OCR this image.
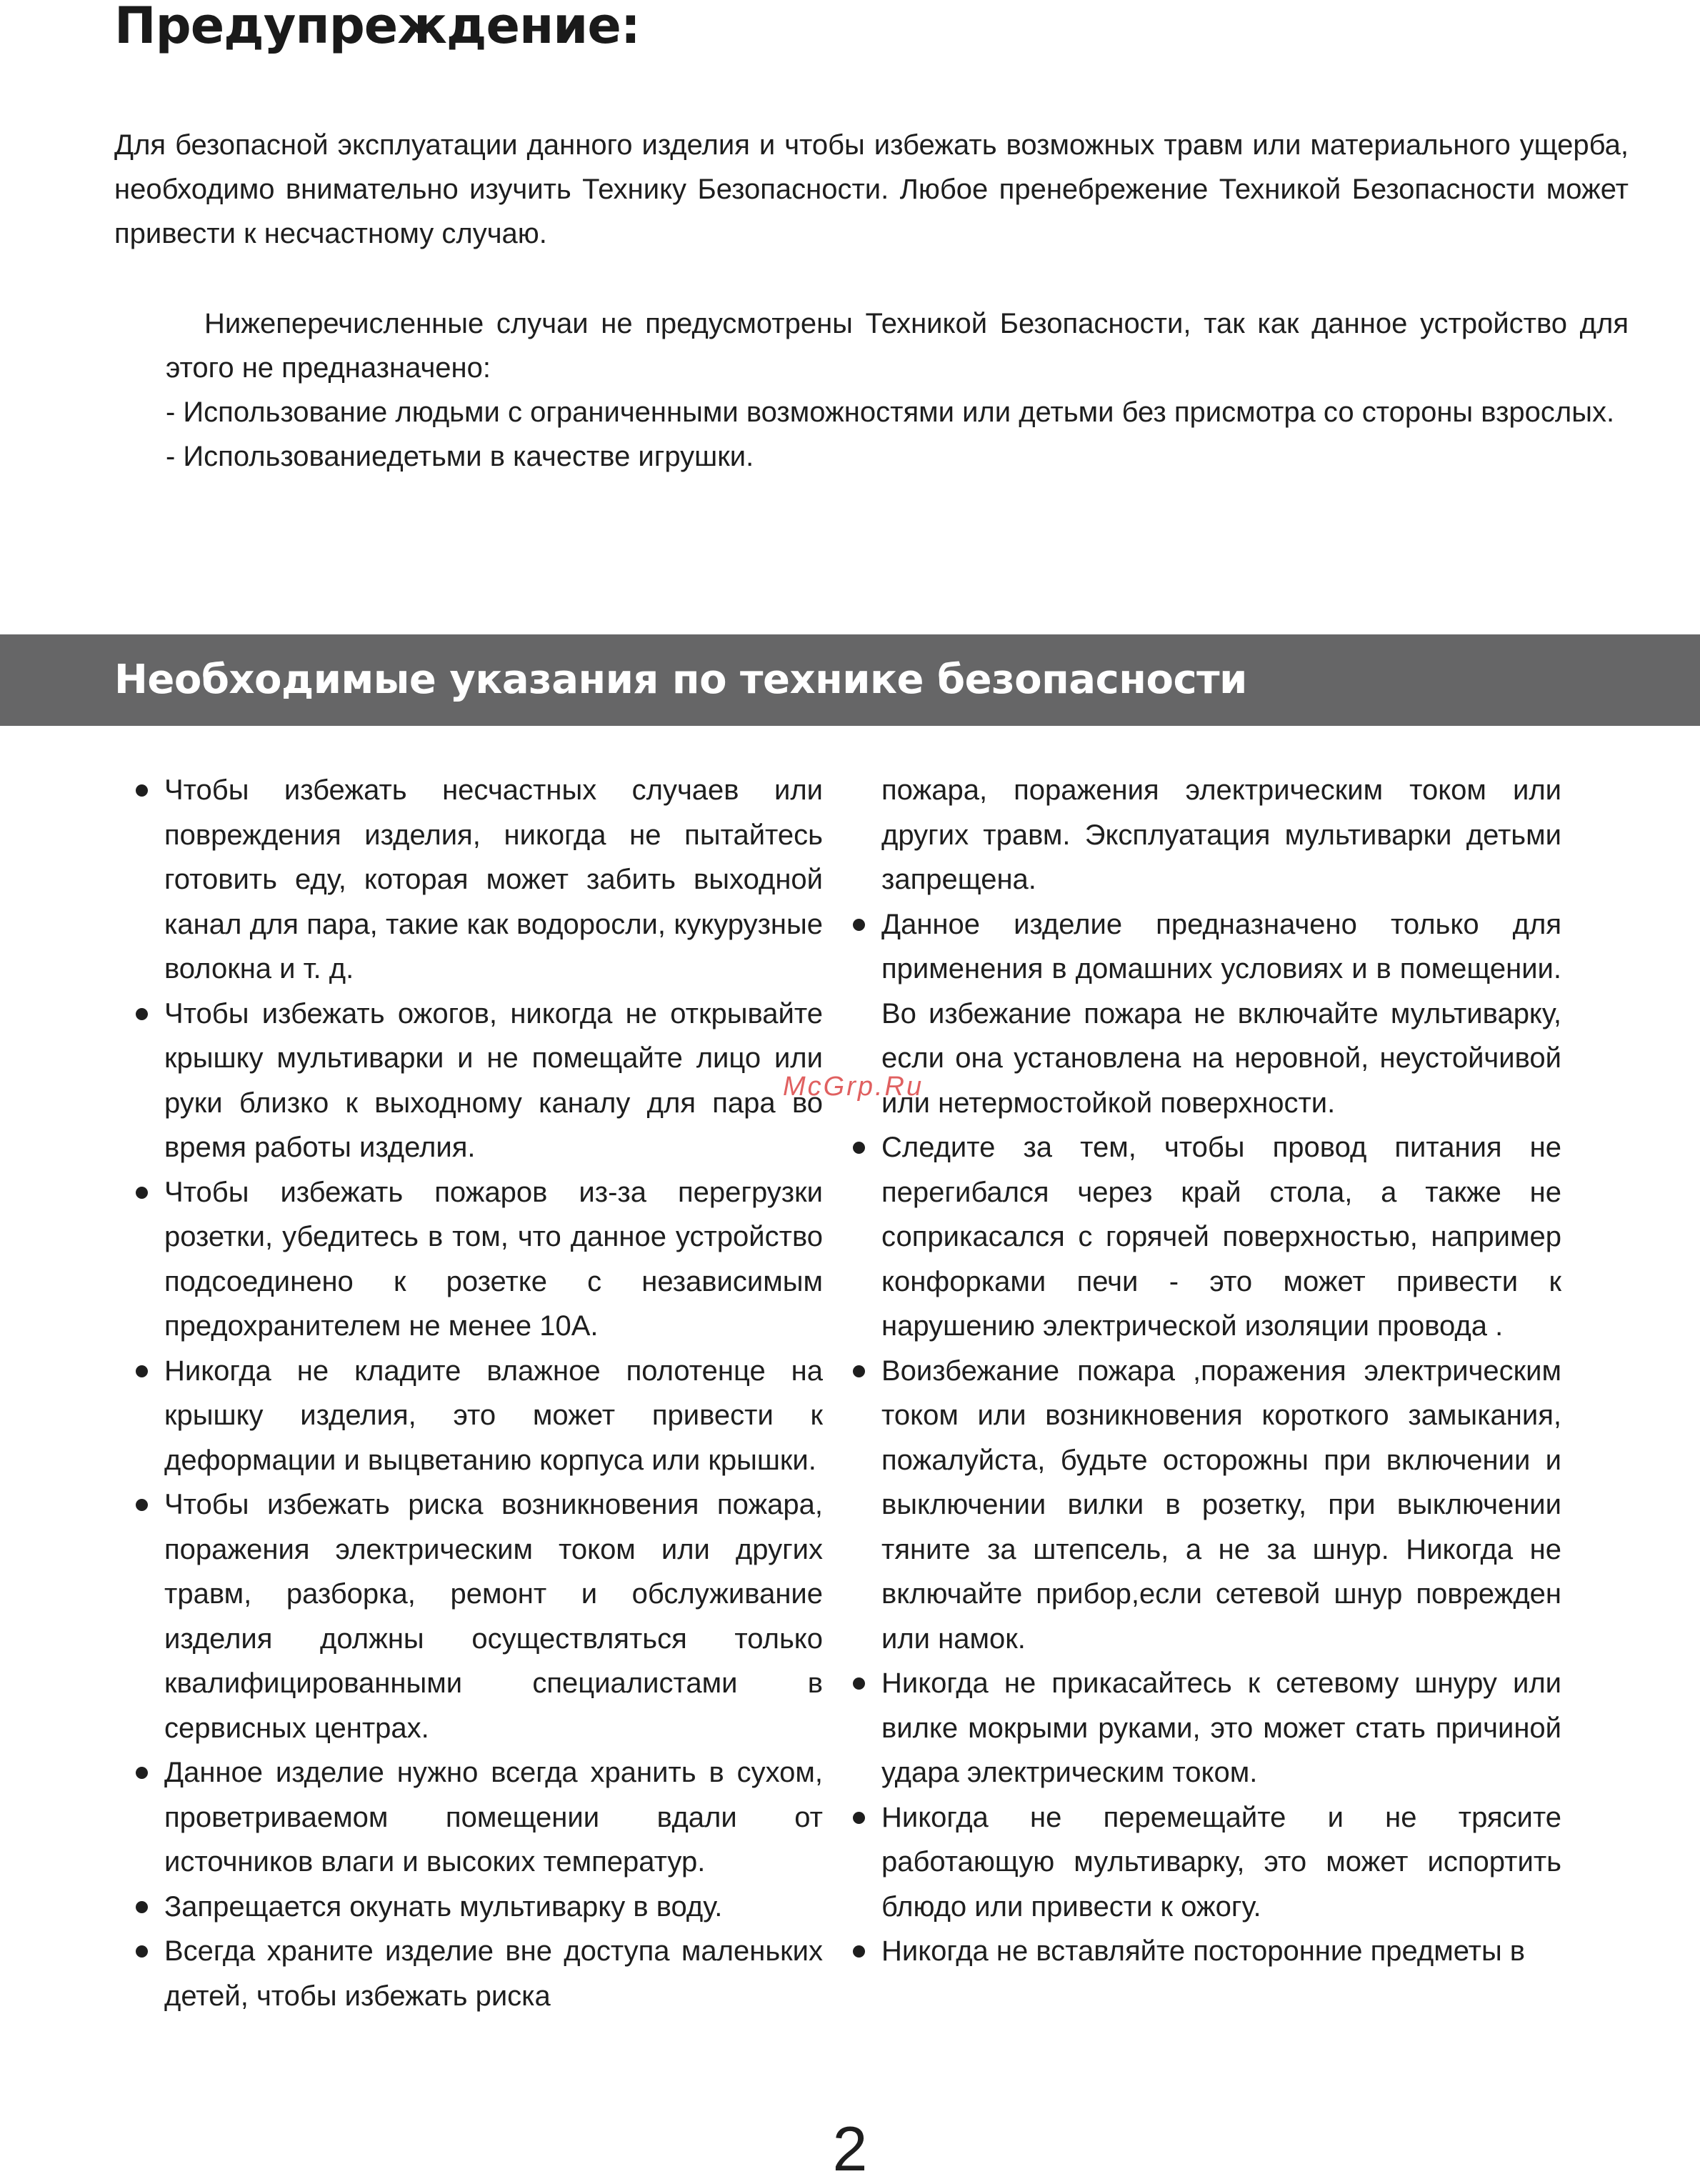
Предупреждение:

Для безопасной эксплуатации данного изделия и чтобы избежать возможных травм или материального ущерба, необходимо внимательно изучить Технику Безопасности. Любое пренебрежение Техникой Безопасности может привести к несчастному случаю.

Нижеперечисленные случаи не предусмотрены Техникой Безопасности, так как данное устройство для этого не предназначено:

- Использование людьми с ограниченными возможностями или детьми без присмотра со стороны взрослых.

- Использованиедетьми в качестве игрушки.

Необходимые указания по технике безопасности
Чтобы избежать несчастных случаев или повреждения изделия, никогда не пытайтесь готовить еду, которая может забить выходной канал для пара, такие как водоросли, кукурузные волокна и т. д.
Чтобы избежать ожогов, никогда не открывайте крышку мультиварки и не помещайте лицо или руки близко к выходному каналу для пара во время работы изделия.
Чтобы избежать пожаров из-за перегрузки розетки, убедитесь в том, что данное устройство подсоединено к розетке с независимым предохранителем не менее 10А.
Никогда не кладите влажное полотенце на крышку изделия, это может привести к деформации и выцветанию корпуса или крышки.
Чтобы избежать риска возникновения пожара, поражения электрическим током или других травм, разборка, ремонт и обслуживание изделия должны осуществляться только квалифицированными специалистами в сервисных центрах.
Данное изделие нужно всегда хранить в сухом, проветриваемом помещении вдали от источников влаги и высоких температур.
Запрещается окунать мультиварку в воду.
Всегда храните изделие вне доступа маленьких детей, чтобы избежать риска
пожара, поражения электрическим током или других травм. Эксплуатация мультиварки детьми запрещена.
Данное изделие предназначено только для применения в домашних условиях и в помещении. Во избежание пожара не включайте мультиварку, если она установлена на неровной, неустойчивой или нетермостойкой поверхности.
Следите за тем, чтобы провод питания не перегибался через край стола, а также не соприкасался с горячей поверхностью, например конфорками печи - это может привести к нарушению электрической изоляции провода .
Воизбежание пожара ,поражения электрическим током или возникновения короткого замыкания, пожалуйста, будьте осторожны при включении и выключении вилки в розетку, при выключении тяните за штепсель, а не за шнур. Никогда не включайте прибор,если сетевой шнур поврежден или намок.
Никогда не прикасайтесь к сетевому шнуру или вилке мокрыми руками, это может стать причиной удара электрическим током.
Никогда не перемещайте и не трясите работающую мультиварку, это может испортить блюдо или привести к ожогу.
Никогда не вставляйте посторонние предметы в

McGrp.Ru

2
